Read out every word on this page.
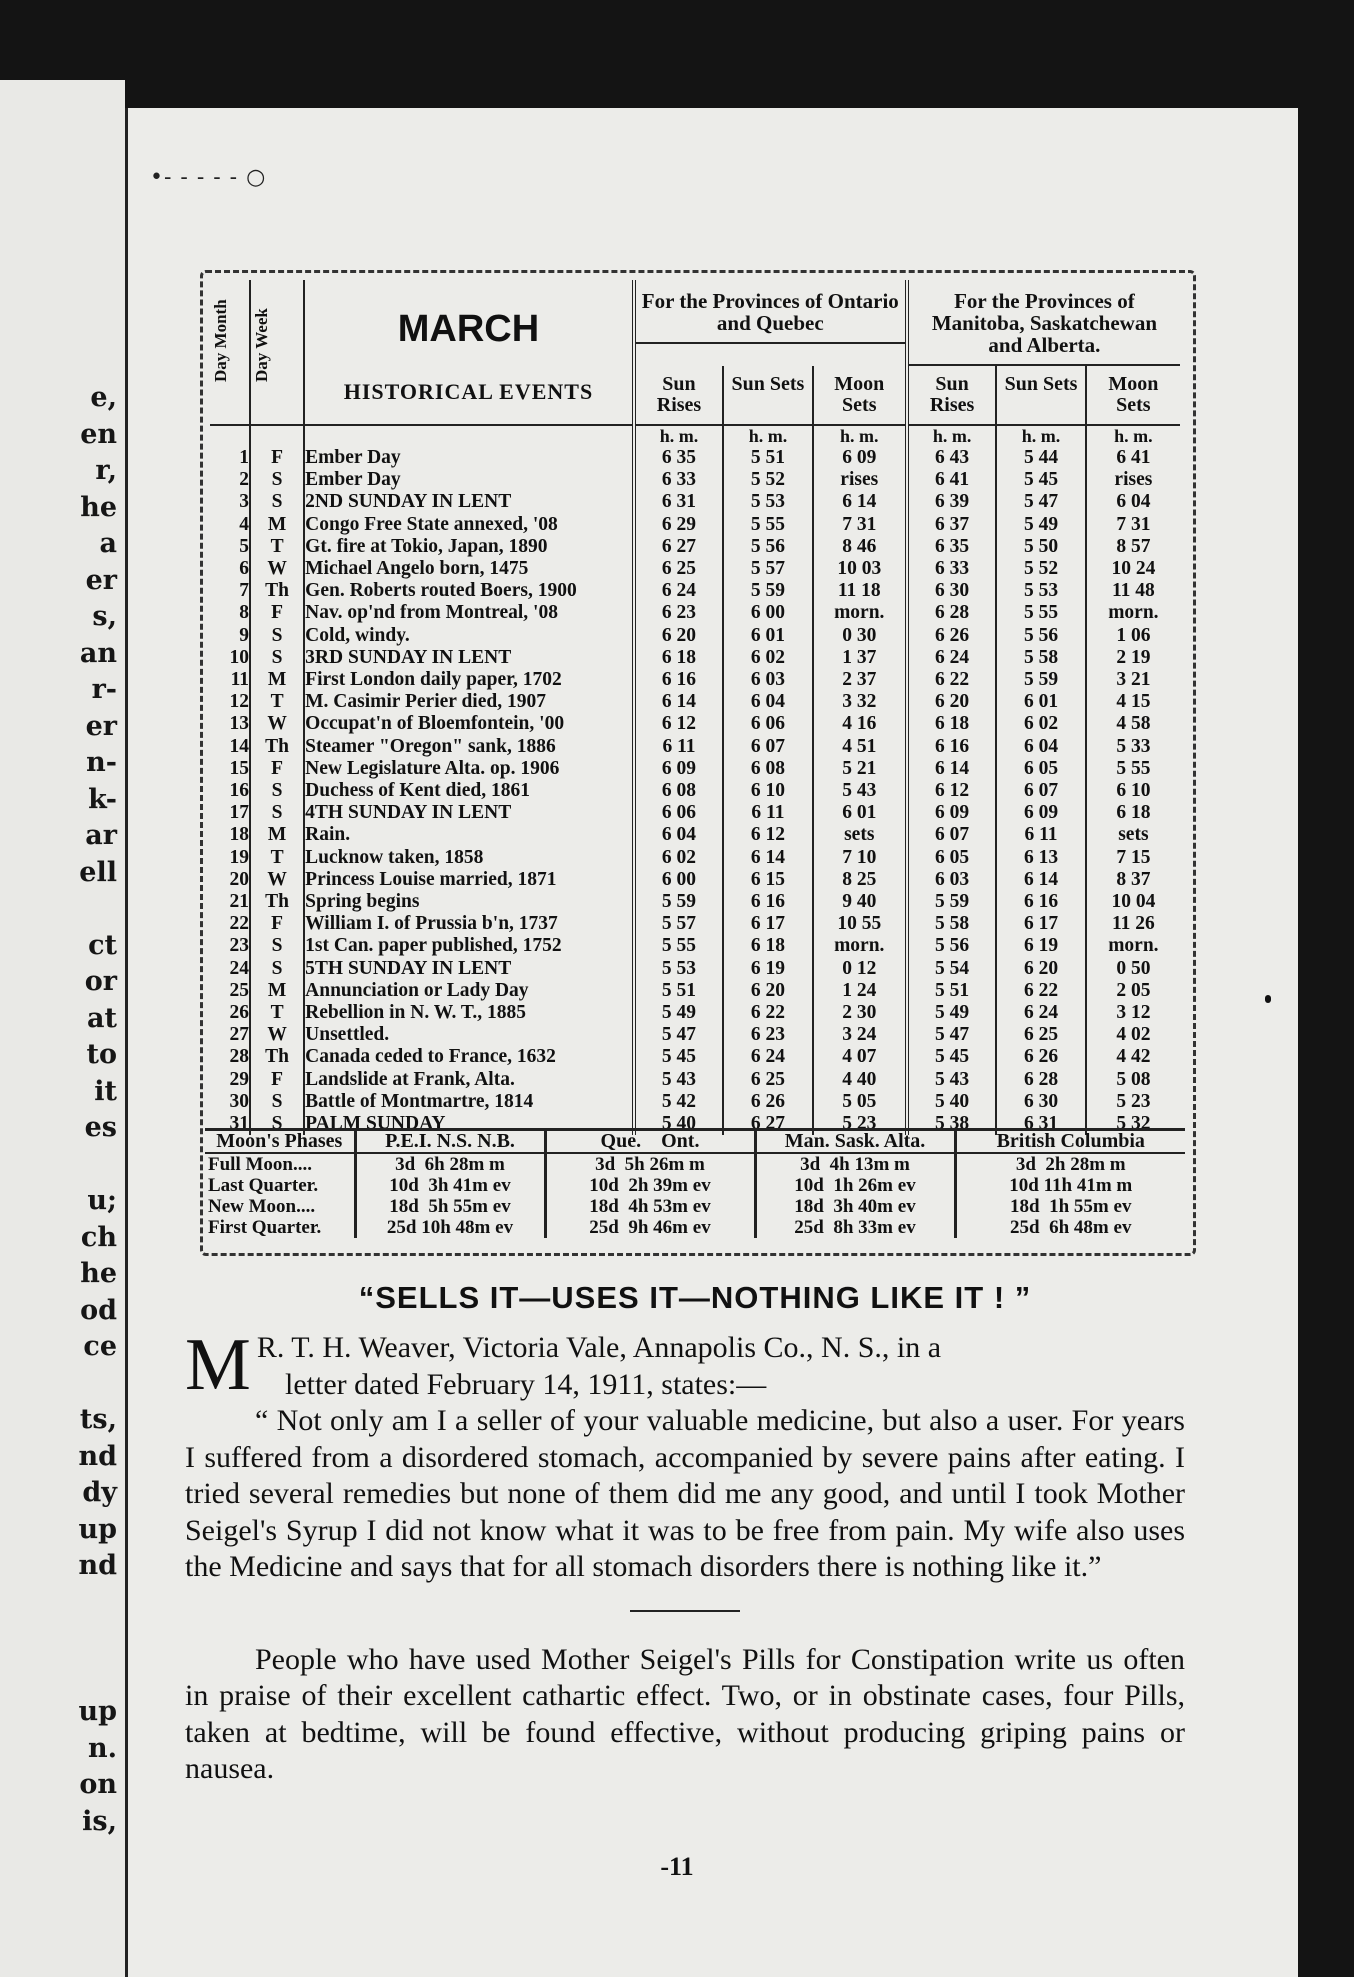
e,
en
r,
he
a
er
s,
an
r-
er
n-
k-
ar
ell
ct
or
at
to
it
es
u;
ch
he
od
ce
ts,
nd
dy
up
nd
up
n.
on
is,
•- - - - - ○
Day Month	Day Week	MARCH
HISTORICAL EVENTS	For the Provinces of Ontario and Quebec			For the Provinces of Manitoba, Saskatchewan and Alberta.		

			Sun Rises	Sun Sets	Moon Sets	Sun Rises	Sun Sets	Moon Sets

			h. m.	h. m.	h. m.	h. m.	h. m.	h. m.
1	F	Ember Day	6 35	5 51	6 09	6 43	5 44	6 41
2	S	Ember Day	6 33	5 52	rises	6 41	5 45	rises
3	S	2ND SUNDAY IN LENT	6 31	5 53	6 14	6 39	5 47	6 04
4	M	Congo Free State annexed, '08	6 29	5 55	7 31	6 37	5 49	7 31
5	T	Gt. fire at Tokio, Japan, 1890	6 27	5 56	8 46	6 35	5 50	8 57
6	W	Michael Angelo born, 1475	6 25	5 57	10 03	6 33	5 52	10 24
7	Th	Gen. Roberts routed Boers, 1900	6 24	5 59	11 18	6 30	5 53	11 48
8	F	Nav. op'nd from Montreal, '08	6 23	6 00	morn.	6 28	5 55	morn.
9	S	Cold, windy.	6 20	6 01	0 30	6 26	5 56	1 06
10	S	3RD SUNDAY IN LENT	6 18	6 02	1 37	6 24	5 58	2 19
11	M	First London daily paper, 1702	6 16	6 03	2 37	6 22	5 59	3 21
12	T	M. Casimir Perier died, 1907	6 14	6 04	3 32	6 20	6 01	4 15
13	W	Occupat'n of Bloemfontein, '00	6 12	6 06	4 16	6 18	6 02	4 58
14	Th	Steamer "Oregon" sank, 1886	6 11	6 07	4 51	6 16	6 04	5 33
15	F	New Legislature Alta. op. 1906	6 09	6 08	5 21	6 14	6 05	5 55
16	S	Duchess of Kent died, 1861	6 08	6 10	5 43	6 12	6 07	6 10
17	S	4TH SUNDAY IN LENT	6 06	6 11	6 01	6 09	6 09	6 18
18	M	Rain.	6 04	6 12	sets	6 07	6 11	sets
19	T	Lucknow taken, 1858	6 02	6 14	7 10	6 05	6 13	7 15
20	W	Princess Louise married, 1871	6 00	6 15	8 25	6 03	6 14	8 37
21	Th	Spring begins	5 59	6 16	9 40	5 59	6 16	10 04
22	F	William I. of Prussia b'n, 1737	5 57	6 17	10 55	5 58	6 17	11 26
23	S	1st Can. paper published, 1752	5 55	6 18	morn.	5 56	6 19	morn.
24	S	5TH SUNDAY IN LENT	5 53	6 19	0 12	5 54	6 20	0 50
25	M	Annunciation or Lady Day	5 51	6 20	1 24	5 51	6 22	2 05
26	T	Rebellion in N. W. T., 1885	5 49	6 22	2 30	5 49	6 24	3 12
27	W	Unsettled.	5 47	6 23	3 24	5 47	6 25	4 02
28	Th	Canada ceded to France, 1632	5 45	6 24	4 07	5 45	6 26	4 42
29	F	Landslide at Frank, Alta.	5 43	6 25	4 40	5 43	6 28	5 08
30	S	Battle of Montmartre, 1814	5 42	6 26	5 05	5 40	6 30	5 23
31	S	PALM SUNDAY	5 40	6 27	5 23	5 38	6 31	5 32
Moon's Phases	P.E.I. N.S. N.B.	Que. Ont.	Man. Sask. Alta.	British Columbia
Full Moon....	3d  6h 28m m	3d  5h 26m m	3d  4h 13m m	3d  2h 28m m
Last Quarter.	10d  3h 41m ev	10d  2h 39m ev	10d  1h 26m ev	10d 11h 41m m
New Moon....	18d  5h 55m ev	18d  4h 53m ev	18d  3h 40m ev	18d  1h 55m ev
First Quarter.	25d 10h 48m ev	25d  9h 46m ev	25d  8h 33m ev	25d  6h 48m ev
“SELLS IT—USES IT—NOTHING LIKE IT ! ”

M R. T. H. Weaver, Victoria Vale, Annapolis Co., N. S., in a

letter dated February 14, 1911, states:—

“ Not only am I a seller of your valuable medicine, but also a user. For years I suffered from a disordered stomach, accompanied by severe pains after eating. I tried several remedies but none of them did me any good, and until I took Mother Seigel's Syrup I did not know what it was to be free from pain. My wife also uses the Medicine and says that for all stomach disorders there is nothing like it.”

People who have used Mother Seigel's Pills for Constipation write us often in praise of their excellent cathartic effect. Two, or in obstinate cases, four Pills, taken at bedtime, will be found effective, without producing griping pains or nausea.

-11
